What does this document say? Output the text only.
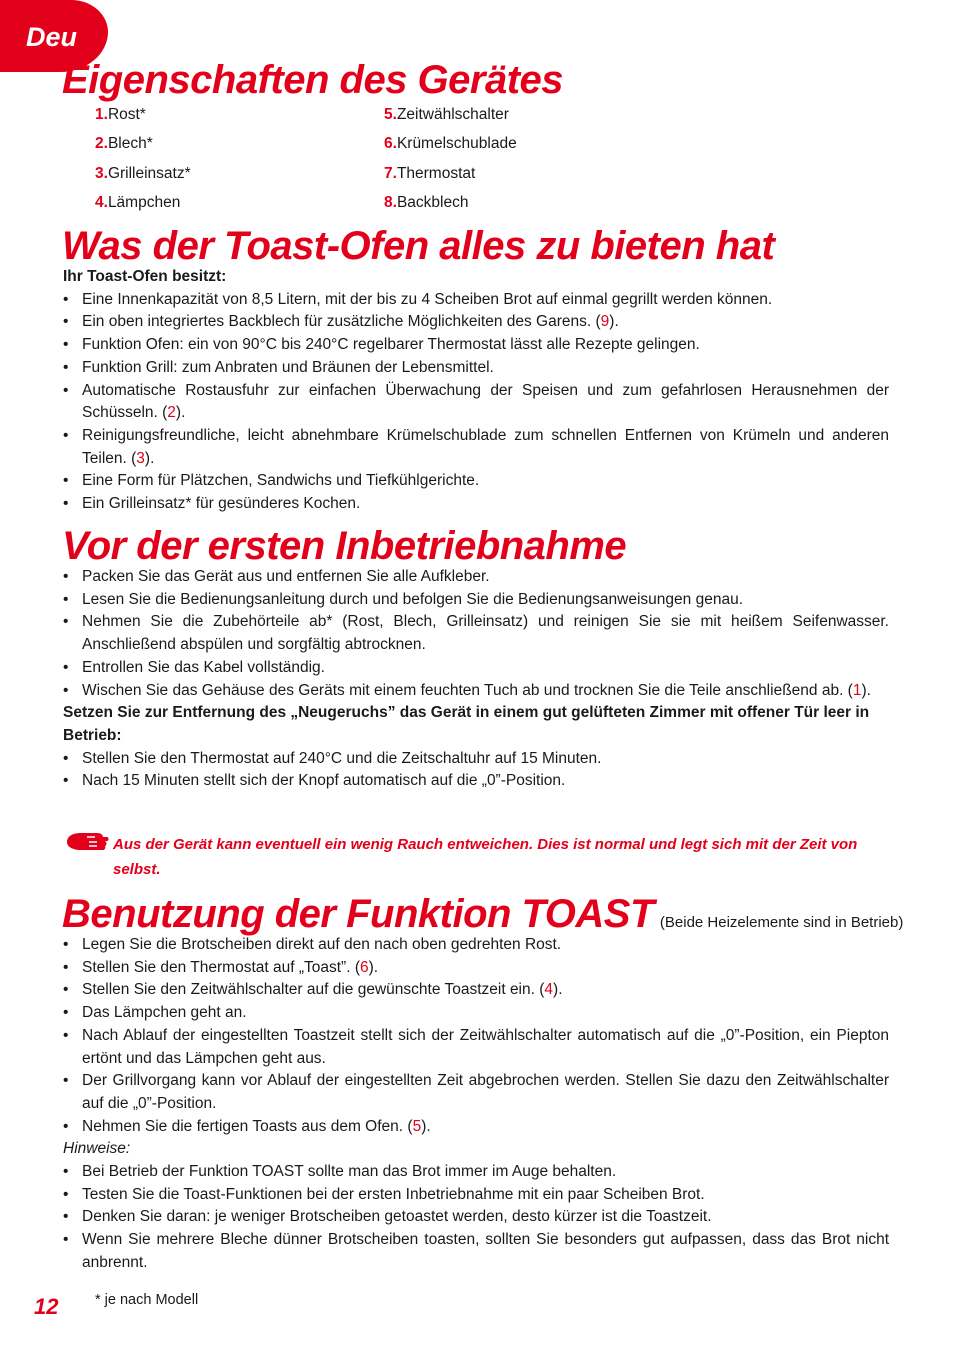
Deu
Eigenschaften des Gerätes
1.Rost*
2.Blech*
3.Grilleinsatz*
4.Lämpchen
5.Zeitwählschalter
6.Krümelschublade
7.Thermostat
8.Backblech
Was der Toast-Ofen alles zu bieten hat
Ihr Toast-Ofen besitzt:
• Eine Innenkapazität von 8,5 Litern, mit der bis zu 4 Scheiben Brot auf einmal gegrillt werden können.
• Ein oben integriertes Backblech für zusätzliche Möglichkeiten des Garens. (9).
• Funktion Ofen: ein von 90°C bis 240°C regelbarer Thermostat lässt alle Rezepte gelingen.
• Funktion Grill: zum Anbraten und Bräunen der Lebensmittel.
• Automatische Rostausfuhr zur einfachen Überwachung der Speisen und zum gefahrlosen Herausnehmen der Schüsseln. (2).
• Reinigungsfreundliche, leicht abnehmbare Krümelschublade zum schnellen Entfernen von Krümeln und anderen Teilen. (3).
• Eine Form für Plätzchen, Sandwichs und Tiefkühlgerichte.
• Ein Grilleinsatz* für gesünderes Kochen.
Vor der ersten Inbetriebnahme
• Packen Sie das Gerät aus und entfernen Sie alle Aufkleber.
• Lesen Sie die Bedienungsanleitung durch und befolgen Sie die Bedienungsanweisungen genau.
• Nehmen Sie die Zubehörteile ab* (Rost, Blech, Grilleinsatz) und reinigen Sie sie mit heißem Seifenwasser. Anschließend abspülen und sorgfältig abtrocknen.
• Entrollen Sie das Kabel vollständig.
• Wischen Sie das Gehäuse des Geräts mit einem feuchten Tuch ab und trocknen Sie die Teile anschließend ab. (1).
Setzen Sie zur Entfernung des „Neugeruchs” das Gerät in einem gut gelüfteten Zimmer mit offener Tür leer in Betrieb:
• Stellen Sie den Thermostat auf 240°C und die Zeitschaltuhr auf 15 Minuten.
• Nach 15 Minuten stellt sich der Knopf automatisch auf die „0”-Position.
Aus der Gerät kann eventuell ein wenig Rauch entweichen. Dies ist normal und legt sich mit der Zeit von selbst.
Benutzung der Funktion TOAST (Beide Heizelemente sind in Betrieb)
• Legen Sie die Brotscheiben direkt auf den nach oben gedrehten Rost.
• Stellen Sie den Thermostat auf „Toast”. (6).
• Stellen Sie den Zeitwählschalter auf die gewünschte Toastzeit ein. (4).
• Das Lämpchen geht an.
• Nach Ablauf der eingestellten Toastzeit stellt sich der Zeitwählschalter automatisch auf die „0”-Position, ein Piepton ertönt und das Lämpchen geht aus.
• Der Grillvorgang kann vor Ablauf der eingestellten Zeit abgebrochen werden. Stellen Sie dazu den Zeitwählschalter auf die „0”-Position.
• Nehmen Sie die fertigen Toasts aus dem Ofen. (5).
Hinweise:
• Bei Betrieb der Funktion TOAST sollte man das Brot immer im Auge behalten.
• Testen Sie die Toast-Funktionen bei der ersten Inbetriebnahme mit ein paar Scheiben Brot.
• Denken Sie daran: je weniger Brotscheiben getoastet werden, desto kürzer ist die Toastzeit.
• Wenn Sie mehrere Bleche dünner Brotscheiben toasten, sollten Sie besonders gut aufpassen, dass das Brot nicht anbrennt.
12	* je nach Modell
